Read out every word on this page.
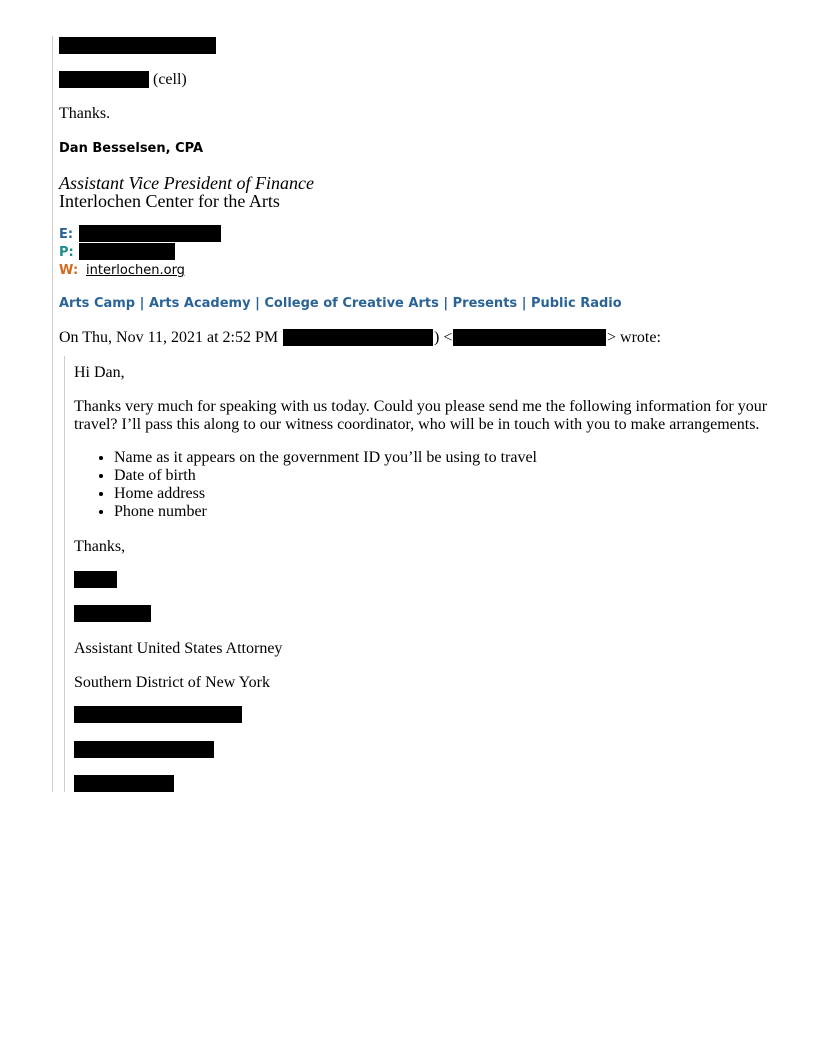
(cell)

Thanks.

Dan Besselsen, CPA

Assistant Vice President of Finance

Interlochen Center for the Arts

E:
P:
W: interlochen.org
Arts Camp | Arts Academy | College of Creative Arts | Presents | Public Radio

On Thu, Nov 11, 2021 at 2:52 PM	) <	> wrote:

Hi Dan,

Thanks very much for speaking with us today. Could you please send me the following information for your travel? I’ll pass this along to our witness coordinator, who will be in touch with you to make arrangements.

• Name as it appears on the government ID you’ll be using to travel
• Date of birth
• Home address
• Phone number

Thanks,

Assistant United States Attorney

Southern District of New York
